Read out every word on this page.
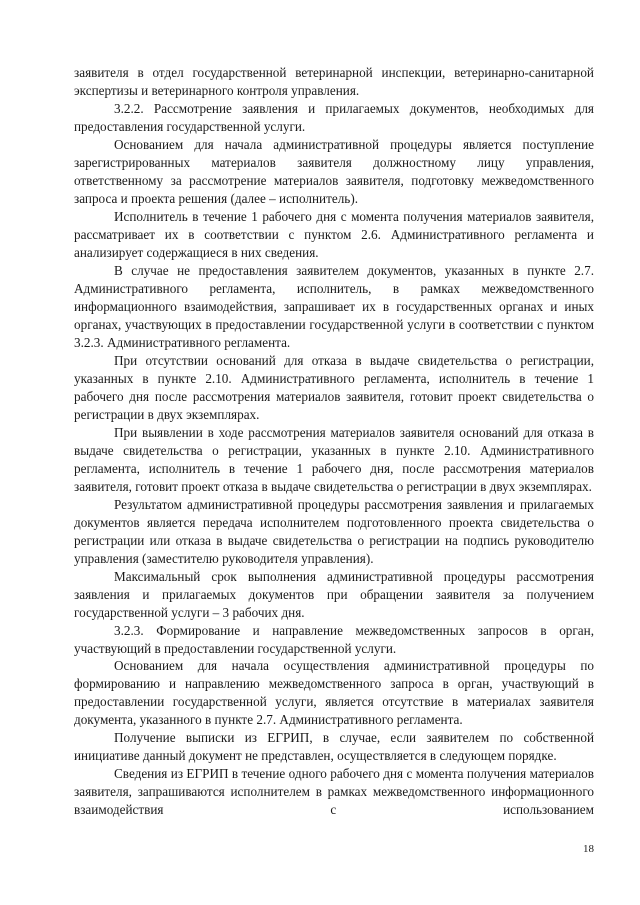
заявителя в отдел государственной ветеринарной инспекции, ветеринарно-санитарной экспертизы и ветеринарного контроля управления.

3.2.2. Рассмотрение заявления и прилагаемых документов, необходимых для предоставления государственной услуги.

Основанием для начала административной процедуры является поступление зарегистрированных материалов заявителя должностному лицу управления, ответственному за рассмотрение материалов заявителя, подготовку межведомственного запроса и проекта решения (далее – исполнитель).

Исполнитель в течение 1 рабочего дня с момента получения материалов заявителя, рассматривает их в соответствии с пунктом 2.6. Административного регламента и анализирует содержащиеся в них сведения.

В случае не предоставления заявителем документов, указанных в пункте 2.7. Административного регламента, исполнитель, в рамках межведомственного информационного взаимодействия, запрашивает их в государственных органах и иных органах, участвующих в предоставлении государственной услуги в соответствии с пунктом 3.2.3. Административного регламента.

При отсутствии оснований для отказа в выдаче свидетельства о регистрации, указанных в пункте 2.10. Административного регламента, исполнитель в течение 1 рабочего дня после рассмотрения материалов заявителя, готовит проект свидетельства о регистрации в двух экземплярах.

При выявлении в ходе рассмотрения материалов заявителя оснований для отказа в выдаче свидетельства о регистрации, указанных в пункте 2.10. Административного регламента, исполнитель в течение 1 рабочего дня, после рассмотрения материалов заявителя, готовит проект отказа в выдаче свидетельства о регистрации в двух экземплярах.

Результатом административной процедуры рассмотрения заявления и прилагаемых документов является передача исполнителем подготовленного проекта свидетельства о регистрации или отказа в выдаче свидетельства о регистрации на подпись руководителю управления (заместителю руководителя управления).

Максимальный срок выполнения административной процедуры рассмотрения заявления и прилагаемых документов при обращении заявителя за получением государственной услуги – 3 рабочих дня.

3.2.3. Формирование и направление межведомственных запросов в орган, участвующий в предоставлении государственной услуги.

Основанием для начала осуществления административной процедуры по формированию и направлению межведомственного запроса в орган, участвующий в предоставлении государственной услуги, является отсутствие в материалах заявителя документа, указанного в пункте 2.7. Административного регламента.

Получение выписки из ЕГРИП, в случае, если заявителем по собственной инициативе данный документ не представлен, осуществляется в следующем порядке.

Сведения из ЕГРИП в течение одного рабочего дня с момента получения материалов заявителя, запрашиваются исполнителем в рамках межведомственного информационного взаимодействия с использованием

18
